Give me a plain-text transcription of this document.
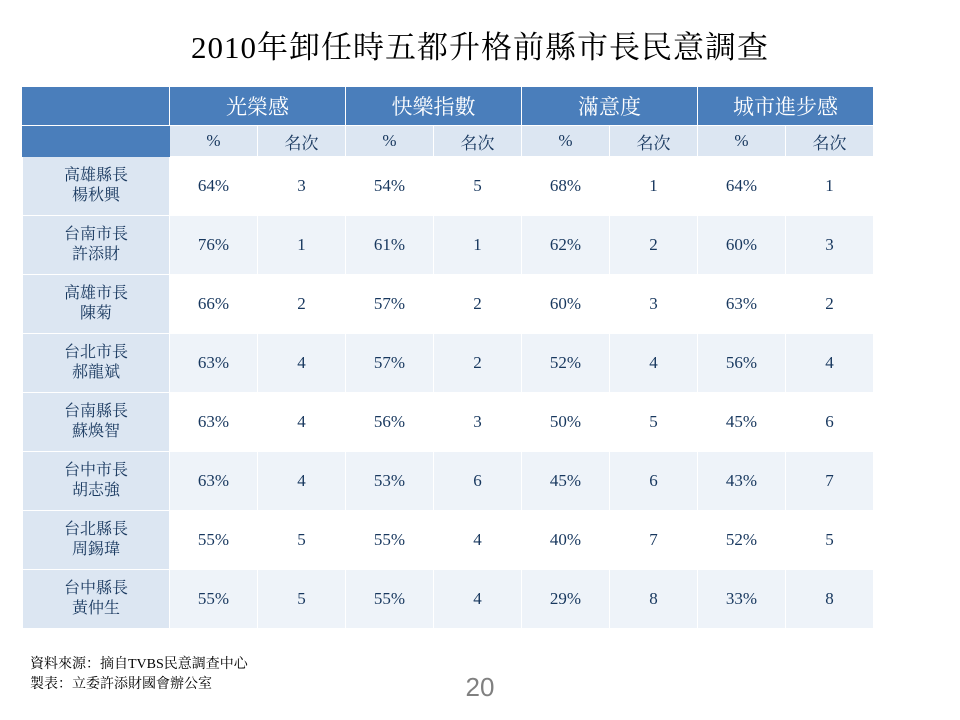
2010年卸任時五都升格前縣市長民意調查
	光榮感		快樂指數		滿意度		城市進步感	
	%	名次	%	名次	%	名次	%	名次

高雄縣長
楊秋興	64%	3	54%	5	68%	1	64%	1

台南市長
許添財	76%	1	61%	1	62%	2	60%	3

高雄市長
陳菊	66%	2	57%	2	60%	3	63%	2

台北市長
郝龍斌	63%	4	57%	2	52%	4	56%	4

台南縣長
蘇煥智	63%	4	56%	3	50%	5	45%	6

台中市長
胡志強	63%	4	53%	6	45%	6	43%	7

台北縣長
周錫瑋	55%	5	55%	4	40%	7	52%	5

台中縣長
黃仲生	55%	5	55%	4	29%	8	33%	8
資料來源：摘自TVBS民意調查中心
製表：立委許添財國會辦公室	20
